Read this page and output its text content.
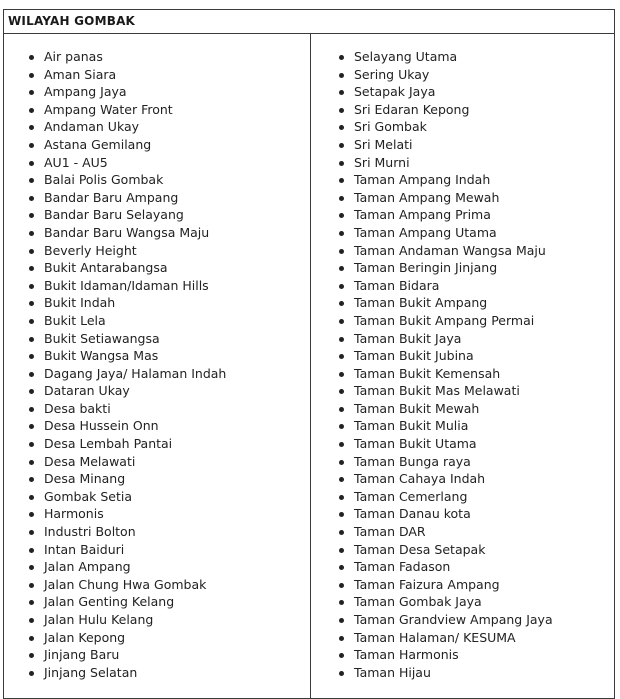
WILAYAH GOMBAK
Air panas
Aman Siara
Ampang Jaya
Ampang Water Front
Andaman Ukay
Astana Gemilang
AU1 - AU5
Balai Polis Gombak
Bandar Baru Ampang
Bandar Baru Selayang
Bandar Baru Wangsa Maju
Beverly Height
Bukit Antarabangsa
Bukit Idaman/Idaman Hills
Bukit Indah
Bukit Lela
Bukit Setiawangsa
Bukit Wangsa Mas
Dagang Jaya/ Halaman Indah
Dataran Ukay
Desa bakti
Desa Hussein Onn
Desa Lembah Pantai
Desa Melawati
Desa Minang
Gombak Setia
Harmonis
Industri Bolton
Intan Baiduri
Jalan Ampang
Jalan Chung Hwa Gombak
Jalan Genting Kelang
Jalan Hulu Kelang
Jalan Kepong
Jinjang Baru
Jinjang Selatan
Selayang Utama
Sering Ukay
Setapak Jaya
Sri Edaran Kepong
Sri Gombak
Sri Melati
Sri Murni
Taman Ampang Indah
Taman Ampang Mewah
Taman Ampang Prima
Taman Ampang Utama
Taman Andaman Wangsa Maju
Taman Beringin Jinjang
Taman Bidara
Taman Bukit Ampang
Taman Bukit Ampang Permai
Taman Bukit Jaya
Taman Bukit Jubina
Taman Bukit Kemensah
Taman Bukit Mas Melawati
Taman Bukit Mewah
Taman Bukit Mulia
Taman Bukit Utama
Taman Bunga raya
Taman Cahaya Indah
Taman Cemerlang
Taman Danau kota
Taman DAR
Taman Desa Setapak
Taman Fadason
Taman Faizura Ampang
Taman Gombak Jaya
Taman Grandview Ampang Jaya
Taman Halaman/ KESUMA
Taman Harmonis
Taman Hijau
